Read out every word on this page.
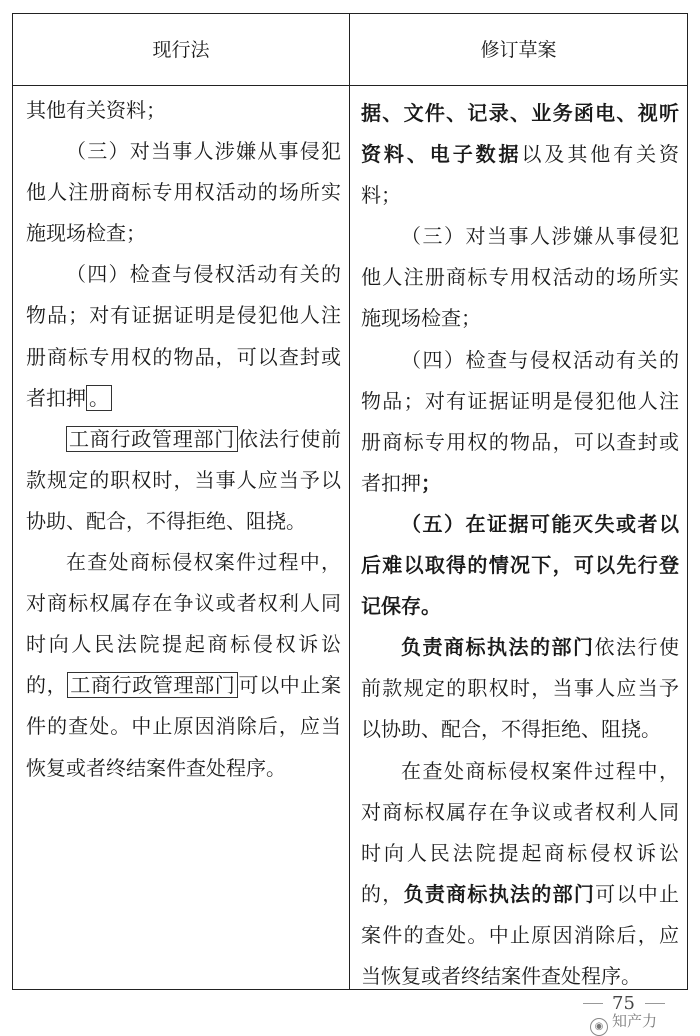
现行法	修订草案

其他有关资料；

（三）对当事人涉嫌从事侵犯他人注册商标专用权活动的场所实施现场检查；

（四）检查与侵权活动有关的物品；对有证据证明是侵犯他人注册商标专用权的物品，可以查封或者扣押 。

工商行政管理部门 依法行使前款规定的职权时，当事人应当予以协助、配合，不得拒绝、阻挠。

在查处商标侵权案件过程中，对商标权属存在争议或者权利人同时向人民法院提起商标侵权诉讼的， 工商行政管理部门 可以中止案件的查处。中止原因消除后，应当恢复或者终结案件查处程序。

据、文件、记录、业务函电、视听资料、电子数据以及其他有关资料；

（三）对当事人涉嫌从事侵犯他人注册商标专用权活动的场所实施现场检查；

（四）检查与侵权活动有关的物品；对有证据证明是侵犯他人注册商标专用权的物品，可以查封或者扣押；

（五）在证据可能灭失或者以后难以取得的情况下，可以先行登记保存。

负责商标执法的部门依法行使前款规定的职权时，当事人应当予以协助、配合，不得拒绝、阻挠。

在查处商标侵权案件过程中，对商标权属存在争议或者权利人同时向人民法院提起商标侵权诉讼的，负责商标执法的部门可以中止案件的查处。中止原因消除后，应当恢复或者终结案件查处程序。

75
◉ 知产力
